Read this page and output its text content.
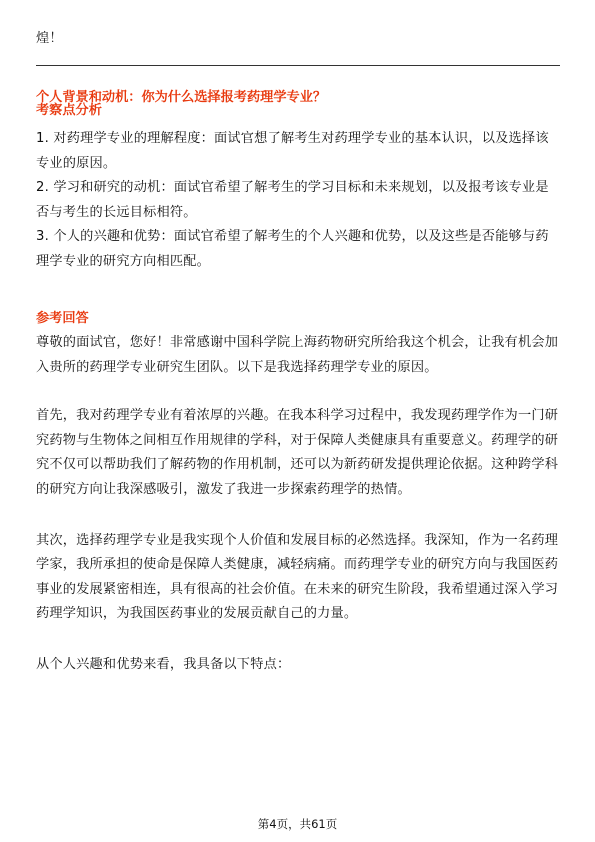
煌！

个人背景和动机：你为什么选择报考药理学专业？

考察点分析

1. 对药理学专业的理解程度：面试官想了解考生对药理学专业的基本认识，以及选择该专业的原因。

2. 学习和研究的动机：面试官希望了解考生的学习目标和未来规划，以及报考该专业是否与考生的长远目标相符。

3. 个人的兴趣和优势：面试官希望了解考生的个人兴趣和优势，以及这些是否能够与药理学专业的研究方向相匹配。

参考回答

尊敬的面试官，您好！非常感谢中国科学院上海药物研究所给我这个机会，让我有机会加入贵所的药理学专业研究生团队。以下是我选择药理学专业的原因。

首先，我对药理学专业有着浓厚的兴趣。在我本科学习过程中，我发现药理学作为一门研究药物与生物体之间相互作用规律的学科，对于保障人类健康具有重要意义。药理学的研究不仅可以帮助我们了解药物的作用机制，还可以为新药研发提供理论依据。这种跨学科的研究方向让我深感吸引，激发了我进一步探索药理学的热情。

其次，选择药理学专业是我实现个人价值和发展目标的必然选择。我深知，作为一名药理学家，我所承担的使命是保障人类健康，减轻病痛。而药理学专业的研究方向与我国医药事业的发展紧密相连，具有很高的社会价值。在未来的研究生阶段，我希望通过深入学习药理学知识，为我国医药事业的发展贡献自己的力量。

从个人兴趣和优势来看，我具备以下特点：

第4页，共61页
